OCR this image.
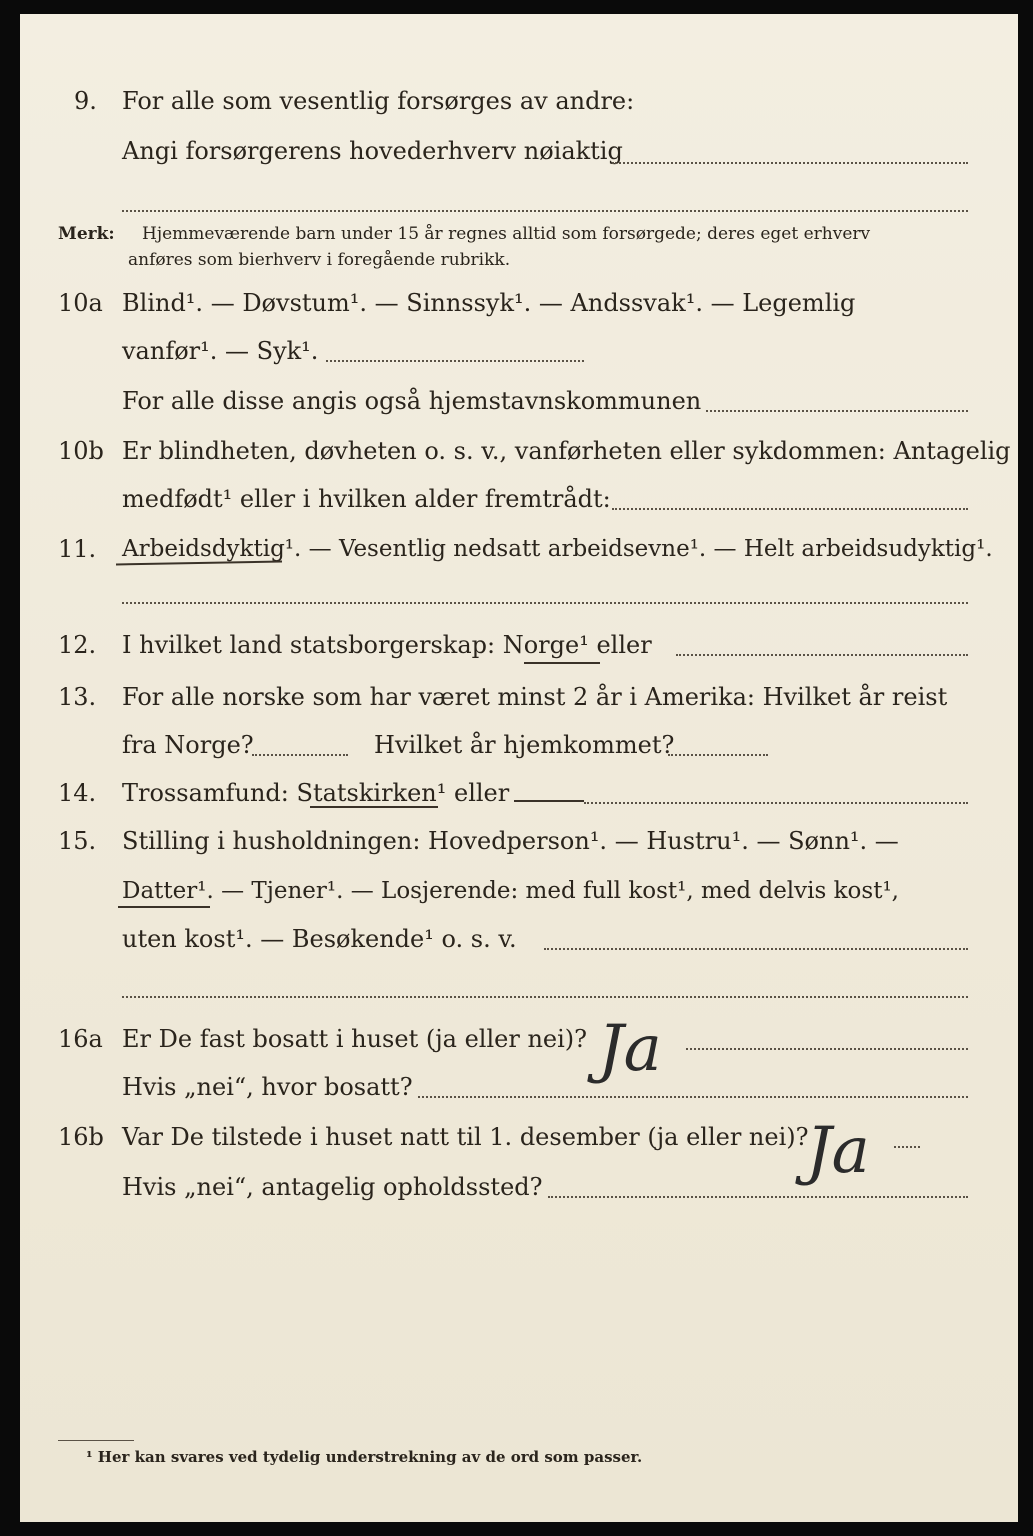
9. For alle som vesentlig forsørges av andre:
Angi forsørgerens hovederhverv nøiaktig
Merk: Hjemmeværende barn under 15 år regnes alltid som forsørgede; deres eget erhverv
anføres som bierhverv i foregående rubrikk.
10a Blind¹. — Døvstum¹. — Sinnssyk¹. — Andssvak¹. — Legemlig
vanfør¹. — Syk¹.
For alle disse angis også hjemstavnskommunen
10b Er blindheten, døvheten o. s. v., vanførheten eller sykdommen: Antagelig
medfødt¹ eller i hvilken alder fremtrådt:
11. Arbeidsdyktig¹. — Vesentlig nedsatt arbeidsevne¹. — Helt arbeidsudyktig¹.
12. I hvilket land statsborgerskap: Norge¹ eller
13. For alle norske som har været minst 2 år i Amerika: Hvilket år reist
fra Norge?	Hvilket år hjemkommet?
14. Trossamfund: Statskirken¹ eller
15. Stilling i husholdningen: Hovedperson¹. — Hustru¹. — Sønn¹. —
Datter¹. — Tjener¹. — Losjerende: med full kost¹, med delvis kost¹,
uten kost¹. — Besøkende¹ o. s. v.
16a Er De fast bosatt i huset (ja eller nei)?
Hvis „nei“, hvor bosatt?
Ja
16b Var De tilstede i huset natt til 1. desember (ja eller nei)?
Hvis „nei“, antagelig opholdssted?	Ja
¹ Her kan svares ved tydelig understrekning av de ord som passer.
